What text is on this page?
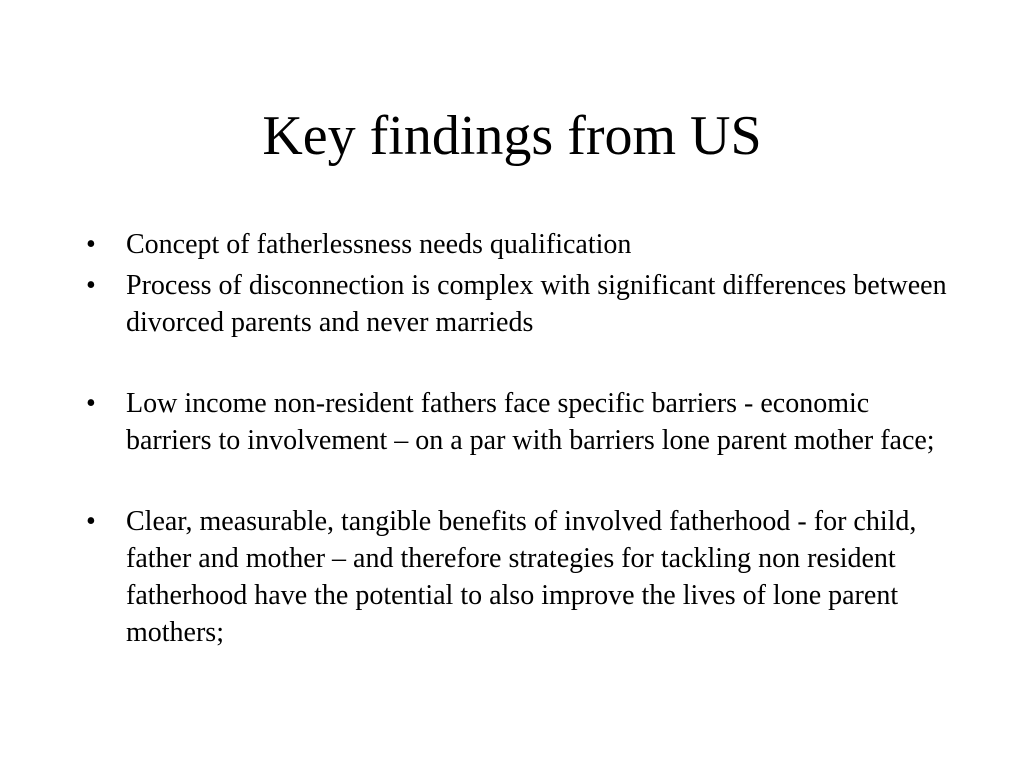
Key findings from US
•	Concept of fatherlessness needs qualification
•	Process of disconnection is complex with significant differences between divorced parents and never marrieds
•	Low income non-resident fathers face specific barriers - economic barriers to involvement – on a par with barriers lone parent mother face;
•	Clear, measurable, tangible benefits of involved fatherhood - for child, father and mother – and therefore strategies for tackling non resident fatherhood have the potential to also improve the lives of lone parent mothers;
